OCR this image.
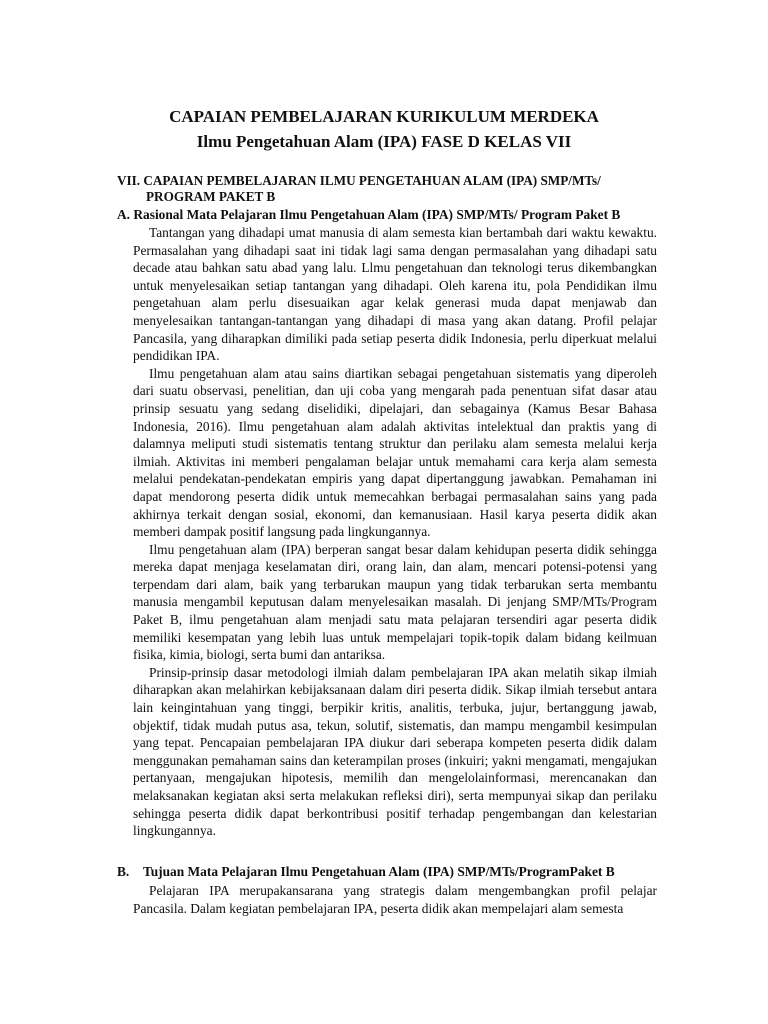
CAPAIAN PEMBELAJARAN KURIKULUM MERDEKA
Ilmu Pengetahuan Alam (IPA) FASE D KELAS VII
VII. CAPAIAN PEMBELAJARAN ILMU PENGETAHUAN ALAM (IPA) SMP/MTs/
PROGRAM PAKET B
A. Rasional Mata Pelajaran Ilmu Pengetahuan Alam (IPA) SMP/MTs/ Program Paket B

Tantangan yang dihadapi umat manusia di alam semesta kian bertambah dari waktu kewaktu. Permasalahan yang dihadapi saat ini tidak lagi sama dengan permasalahan yang dihadapi satu decade atau bahkan satu abad yang lalu. Llmu pengetahuan dan teknologi terus dikembangkan untuk menyelesaikan setiap tantangan yang dihadapi. Oleh karena itu, pola Pendidikan ilmu pengetahuan alam perlu disesuaikan agar kelak generasi muda dapat menjawab dan menyelesaikan tantangan-tantangan yang dihadapi di masa yang akan datang. Profil pelajar Pancasila, yang diharapkan dimiliki pada setiap peserta didik Indonesia, perlu diperkuat melalui pendidikan IPA.

Ilmu pengetahuan alam atau sains diartikan sebagai pengetahuan sistematis yang diperoleh dari suatu observasi, penelitian, dan uji coba yang mengarah pada penentuan sifat dasar atau prinsip sesuatu yang sedang diselidiki, dipelajari, dan sebagainya (Kamus Besar Bahasa Indonesia, 2016). Ilmu pengetahuan alam adalah aktivitas intelektual dan praktis yang di dalamnya meliputi studi sistematis tentang struktur dan perilaku alam semesta melalui kerja ilmiah. Aktivitas ini memberi pengalaman belajar untuk memahami cara kerja alam semesta melalui pendekatan-pendekatan empiris yang dapat dipertanggung jawabkan. Pemahaman ini dapat mendorong peserta didik untuk memecahkan berbagai permasalahan sains yang pada akhirnya terkait dengan sosial, ekonomi, dan kemanusiaan. Hasil karya peserta didik akan memberi dampak positif langsung pada lingkungannya.

Ilmu pengetahuan alam (IPA) berperan sangat besar dalam kehidupan peserta didik sehingga mereka dapat menjaga keselamatan diri, orang lain, dan alam, mencari potensi-potensi yang terpendam dari alam, baik yang terbarukan maupun yang tidak terbarukan serta membantu manusia mengambil keputusan dalam menyelesaikan masalah. Di jenjang SMP/MTs/Program Paket B, ilmu pengetahuan alam menjadi satu mata pelajaran tersendiri agar peserta didik memiliki kesempatan yang lebih luas untuk mempelajari topik-topik dalam bidang keilmuan fisika, kimia, biologi, serta bumi dan antariksa.

Prinsip-prinsip dasar metodologi ilmiah dalam pembelajaran IPA akan melatih sikap ilmiah diharapkan akan melahirkan kebijaksanaan dalam diri peserta didik. Sikap ilmiah tersebut antara lain keingintahuan yang tinggi, berpikir kritis, analitis, terbuka, jujur, bertanggung jawab, objektif, tidak mudah putus asa, tekun, solutif, sistematis, dan mampu mengambil kesimpulan yang tepat. Pencapaian pembelajaran IPA diukur dari seberapa kompeten peserta didik dalam menggunakan pemahaman sains dan keterampilan proses (inkuiri; yakni mengamati, mengajukan pertanyaan, mengajukan hipotesis, memilih dan mengelolainformasi, merencanakan dan melaksanakan kegiatan aksi serta melakukan refleksi diri), serta mempunyai sikap dan perilaku sehingga peserta didik dapat berkontribusi positif terhadap pengembangan dan kelestarian lingkungannya.

B. Tujuan Mata Pelajaran Ilmu Pengetahuan Alam (IPA) SMP/MTs/ProgramPaket B

Pelajaran IPA merupakansarana yang strategis dalam mengembangkan profil pelajar Pancasila. Dalam kegiatan pembelajaran IPA, peserta didik akan mempelajari alam semesta
